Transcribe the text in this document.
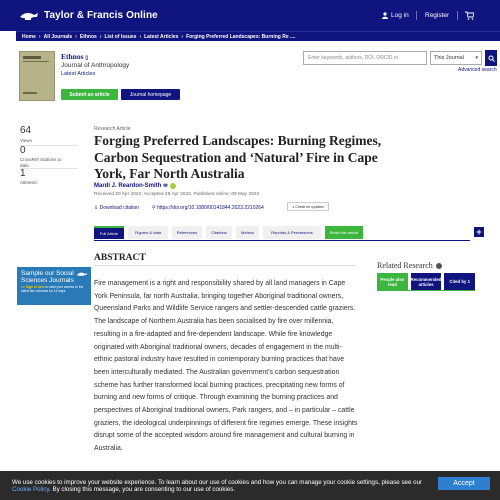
Taylor & Francis Online	Log in	Register
Home › All Journals › Ethnos › List of Issues › Latest Articles › Forging Preferred Landscapes: Burning Re ....
Ethnos ▯
Journal of Anthropology
Latest Articles
Submit an article	Journal homepage
Enter keywords, authors, DOI, ORCID et	This Journal ▾
Advanced search
64
Views
0
CrossRef citations to date
1
Altmetric
Research Article
Forging Preferred Landscapes: Burning Regimes, Carbon Sequestration and ‘Natural’ Fire in Cape York, Far North Australia
Mardi J. Reardon-Smith ✉
Received 20 Apr 2022, Accepted 28 Apr 2023, Published online: 09 May 2023
⇓ Download citation	⚲ https://doi.org/10.1080/00141844.2023.2210264	● Check for updates
Full Article	Figures & data	References	Citations	Metrics	Reprints & Permissions	Read this article	+
Sample our Social Sciences Journals
>> Sign in here to start your access to the latest two volumes for 14 days
ABSTRACT
Fire management is a right and responsibility shared by all land managers in Cape York Peninsula, far north Australia, bringing together Aboriginal traditional owners, Queensland Parks and Wildlife Service rangers and settler-descended cattle graziers. The landscape of Northern Australia has been socialised by fire over millennia, resulting in a fire-adapted and fire-dependent landscape. While fire knowledge originated with Aboriginal traditional owners, decades of engagement in the multi-ethnic pastoral industry have resulted in contemporary burning practices that have been interculturally mediated. The Australian government’s carbon sequestration scheme has further transformed local burning practices, precipitating new forms of burning and new forms of critique. Through examining the burning practices and perspectives of Aboriginal traditional owners, Park rangers, and – in particular – cattle graziers, the ideological underpinnings of different fire regimes emerge. These insights disrupt some of the accepted wisdom around fire management and cultural burning in Australia.
Related Research
People also read
Recommended articles	Cited by
1
We use cookies to improve your website experience. To learn about our use of cookies and how you can manage your cookie settings, please see our Cookie Policy. By closing this message, you are consenting to our use of cookies.
Accept
